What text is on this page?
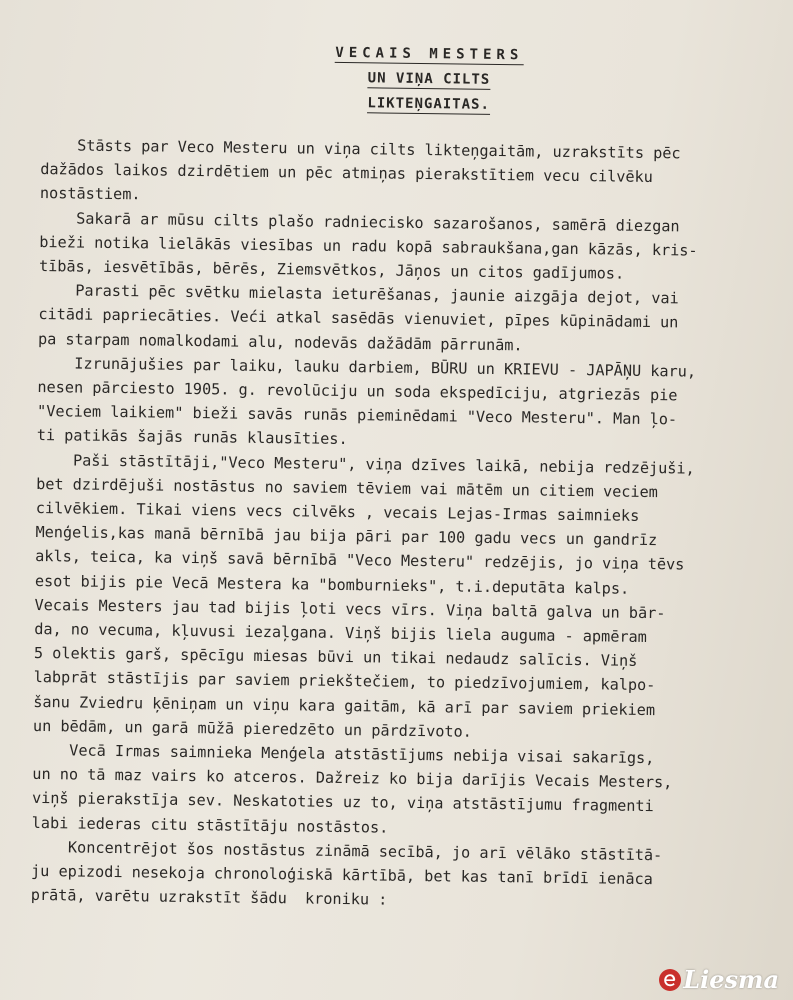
VECAIS MESTERS
UN VIŅA CILTS
LIKTEŅGAITAS.

Stāsts par Veco Mesteru un viņa cilts likteņgaitām, uzrakstīts pēc
dažādos laikos dzirdētiem un pēc atmiņas pierakstītiem vecu cilvēku
nostāstiem.

Sakarā ar mūsu cilts plašo radniecisko sazarošanos, samērā diezgan
bieži notika lielākās viesības un radu kopā sabraukšana,gan kāzās, kris-
tībās, iesvētībās, bērēs, Ziemsvētkos, Jāņos un citos gadījumos.

Parasti pēc svētku mielasta ieturēšanas, jaunie aizgāja dejot, vai
citādi papriecāties. Veći atkal sasēdās vienuviet, pīpes kūpinādami un
pa starpam nomalkodami alu, nodevās dažādām pārrunām.

Izrunājušies par laiku, lauku darbiem, BŪRU un KRIEVU - JAPĀŅU karu,
nesen pārciesto 1905. g. revolūciju un soda ekspedīciju, atgriezās pie
"Veciem laikiem" bieži savās runās pieminēdami "Veco Mesteru". Man ļo-
ti patikās šajās runās klausīties.

Paši stāstītāji,"Veco Mesteru", viņa dzīves laikā, nebija redzējuši,
bet dzirdējuši nostāstus no saviem tēviem vai mātēm un citiem veciem
cilvēkiem. Tikai viens vecs cilvēks , vecais Lejas-Irmas saimnieks
Menģelis,kas manā bērnībā jau bija pāri par 100 gadu vecs un gandrīz
akls, teica, ka viņš savā bērnībā "Veco Mesteru" redzējis, jo viņa tēvs
esot bijis pie Vecā Mestera ka "bomburnieks", t.i.deputāta kalps.
Vecais Mesters jau tad bijis ļoti vecs vīrs. Viņa baltā galva un bār-
da, no vecuma, kļuvusi iezaļgana. Viņš bijis liela auguma - apmēram
5 olektis garš, spēcīgu miesas būvi un tikai nedaudz salīcis. Viņš
labprāt stāstījis par saviem priekštečiem, to piedzīvojumiem, kalpo-
šanu Zviedru ķēniņam un viņu kara gaitām, kā arī par saviem priekiem
un bēdām, un garā mūžā pieredzēto un pārdzīvoto.

Vecā Irmas saimnieka Menģela atstāstījums nebija visai sakarīgs,
un no tā maz vairs ko atceros. Dažreiz ko bija darījis Vecais Mesters,
viņš pierakstīja sev. Neskatoties uz to, viņa atstāstījumu fragmenti
labi iederas citu stāstītāju nostāstos.

Koncentrējot šos nostāstus zināmā secībā, jo arī vēlāko stāstītā-
ju epizodi nesekoja chronoloģiskā kārtībā, bet kas tanī brīdī ienāca
prātā, varētu uzrakstīt šādu  kroniku :

Liesma
